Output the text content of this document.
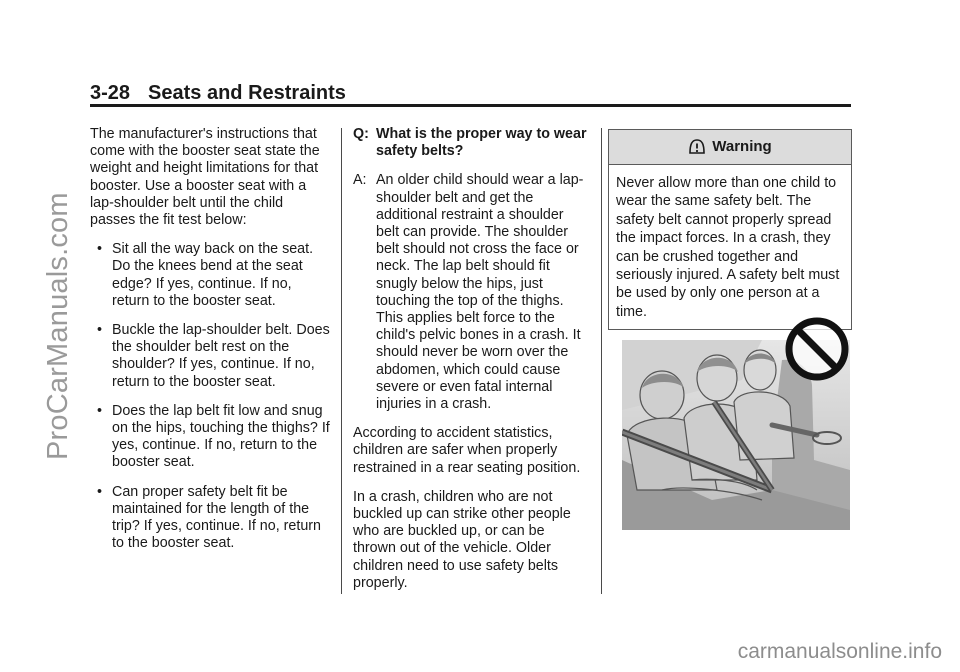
ProCarManuals.com
carmanualsonline.info
3-28 Seats and Restraints

The manufacturer's instructions that come with the booster seat state the weight and height limitations for that booster. Use a booster seat with a lap-shoulder belt until the child passes the fit test below:

• Sit all the way back on the seat. Do the knees bend at the seat edge? If yes, continue. If no, return to the booster seat.
• Buckle the lap-shoulder belt. Does the shoulder belt rest on the shoulder? If yes, continue. If no, return to the booster seat.
• Does the lap belt fit low and snug on the hips, touching the thighs? If yes, continue. If no, return to the booster seat.
• Can proper safety belt fit be maintained for the length of the trip? If yes, continue. If no, return to the booster seat.
Q: What is the proper way to wear safety belts?
A: An older child should wear a lap-shoulder belt and get the additional restraint a shoulder belt can provide. The shoulder belt should not cross the face or neck. The lap belt should fit snugly below the hips, just touching the top of the thighs. This applies belt force to the child's pelvic bones in a crash. It should never be worn over the abdomen, which could cause severe or even fatal internal injuries in a crash.

According to accident statistics, children are safer when properly restrained in a rear seating position.

In a crash, children who are not buckled up can strike other people who are buckled up, or can be thrown out of the vehicle. Older children need to use safety belts properly.

Warning
Never allow more than one child to wear the same safety belt. The safety belt cannot properly spread the impact forces. In a crash, they can be crushed together and seriously injured. A safety belt must be used by only one person at a time.
